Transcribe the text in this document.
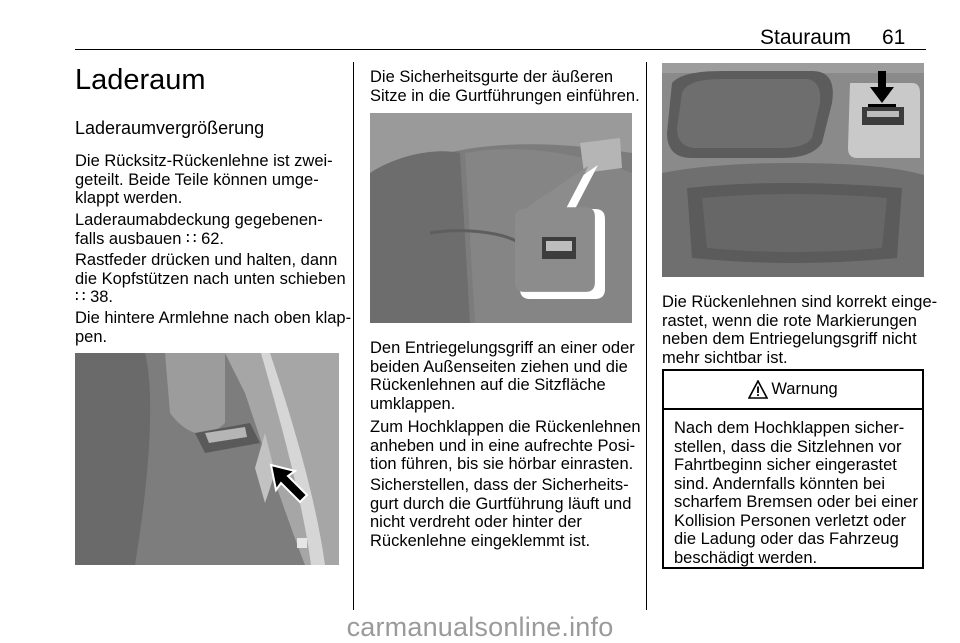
Stauraum 61
Laderaum
Laderaumvergrößerung
Die Rücksitz-Rückenlehne ist zwei-
geteilt. Beide Teile können umge-
klappt werden.
Laderaumabdeckung gegebenen-
falls ausbauen ∷ 62.
Rastfeder drücken und halten, dann
die Kopfstützen nach unten schieben
∷ 38.
Die hintere Armlehne nach oben klap-
pen.
Die Sicherheitsgurte der äußeren
Sitze in die Gurtführungen einführen.
Den Entriegelungsgriff an einer oder
beiden Außenseiten ziehen und die
Rückenlehnen auf die Sitzfläche
umklappen.
Zum Hochklappen die Rückenlehnen
anheben und in eine aufrechte Posi-
tion führen, bis sie hörbar einrasten.
Sicherstellen, dass der Sicherheits-
gurt durch die Gurtführung läuft und
nicht verdreht oder hinter der
Rückenlehne eingeklemmt ist.
Die Rückenlehnen sind korrekt einge-
rastet, wenn die rote Markierungen
neben dem Entriegelungsgriff nicht
mehr sichtbar ist.
Warnung
Nach dem Hochklappen sicher-
stellen, dass die Sitzlehnen vor
Fahrtbeginn sicher eingerastet
sind. Andernfalls könnten bei
scharfem Bremsen oder bei einer
Kollision Personen verletzt oder
die Ladung oder das Fahrzeug
beschädigt werden.
carmanualsonline.info
